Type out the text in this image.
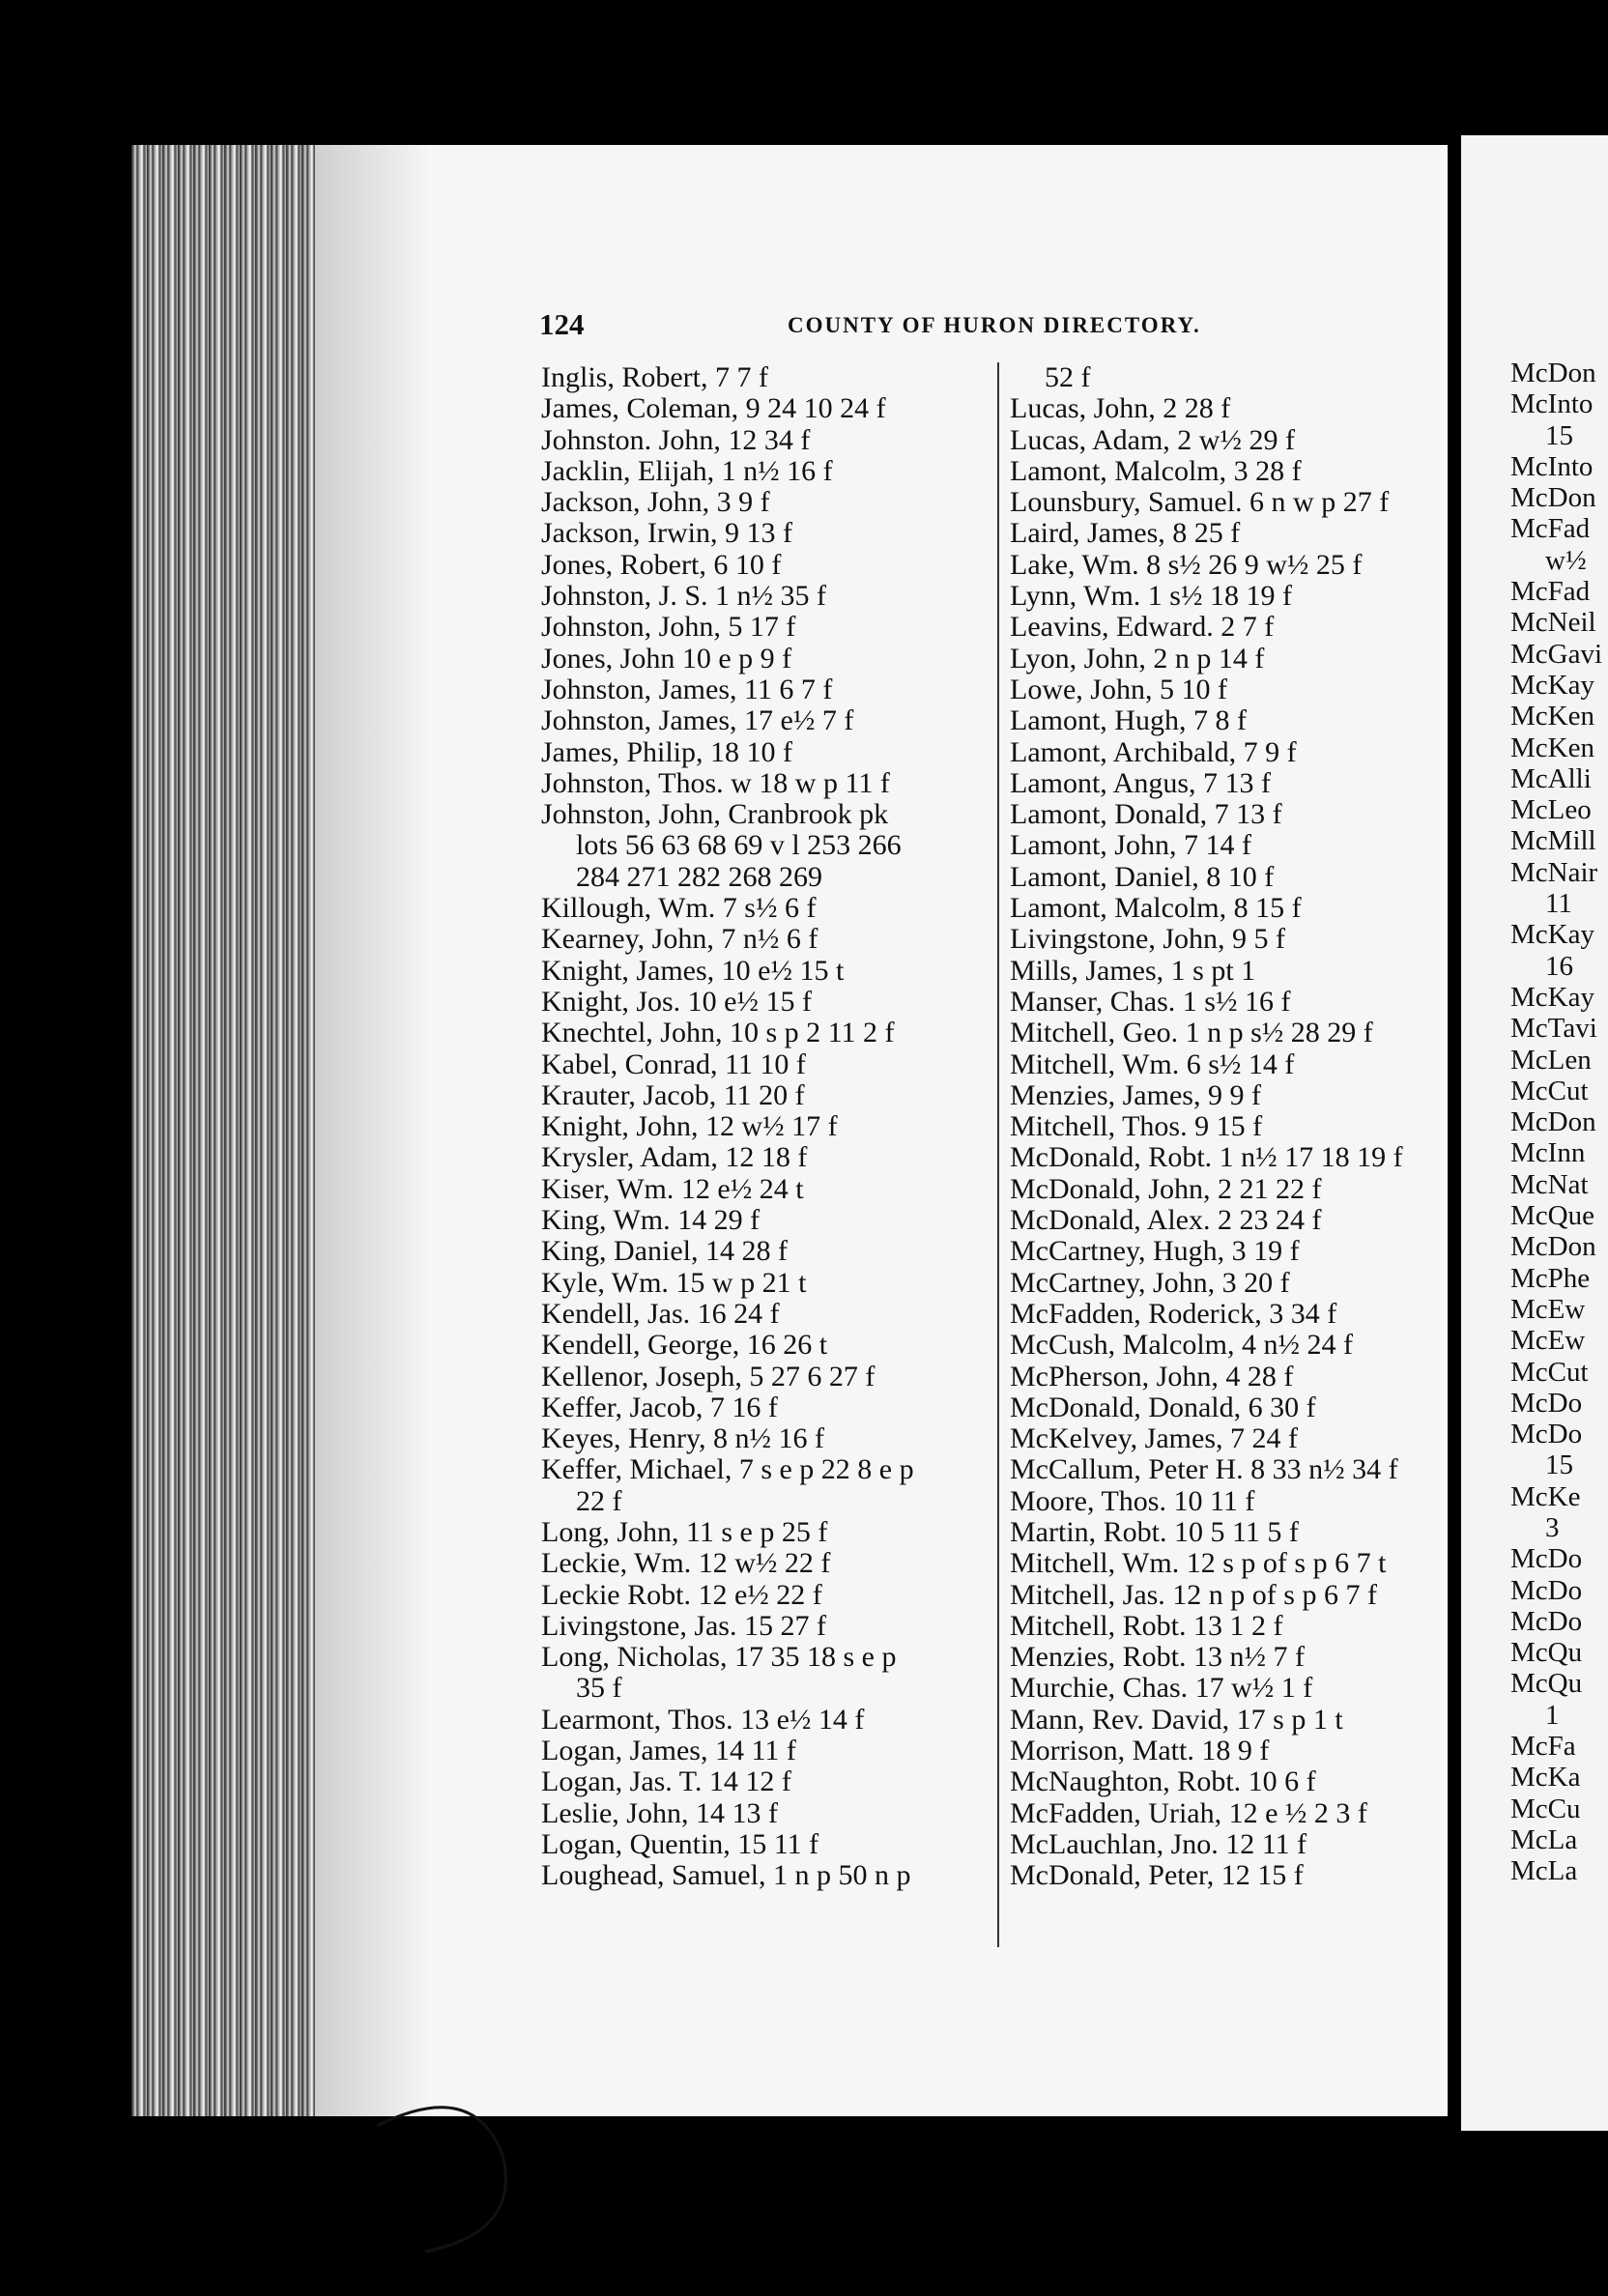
124	COUNTY OF HURON DIRECTORY.
Inglis, Robert, 7 7 f
James, Coleman, 9 24 10 24 f
Johnston. John, 12 34 f
Jacklin, Elijah, 1 n½ 16 f
Jackson, John, 3 9 f
Jackson, Irwin, 9 13 f
Jones, Robert, 6 10 f
Johnston, J. S. 1 n½ 35 f
Johnston, John, 5 17 f
Jones, John 10 e p 9 f
Johnston, James, 11 6 7 f
Johnston, James, 17 e½ 7 f
James, Philip, 18 10 f
Johnston, Thos. w 18 w p 11 f
Johnston, John, Cranbrook pk
lots 56 63 68 69 v l 253 266
284 271 282 268 269
Killough, Wm. 7 s½ 6 f
Kearney, John, 7 n½ 6 f
Knight, James, 10 e½ 15 t
Knight, Jos. 10 e½ 15 f
Knechtel, John, 10 s p 2 11 2 f
Kabel, Conrad, 11 10 f
Krauter, Jacob, 11 20 f
Knight, John, 12 w½ 17 f
Krysler, Adam, 12 18 f
Kiser, Wm. 12 e½ 24 t
King, Wm. 14 29 f
King, Daniel, 14 28 f
Kyle, Wm. 15 w p 21 t
Kendell, Jas. 16 24 f
Kendell, George, 16 26 t
Kellenor, Joseph, 5 27 6 27 f
Keffer, Jacob, 7 16 f
Keyes, Henry, 8 n½ 16 f
Keffer, Michael, 7 s e p 22 8 e p
22 f
Long, John, 11 s e p 25 f
Leckie, Wm. 12 w½ 22 f
Leckie Robt. 12 e½ 22 f
Livingstone, Jas. 15 27 f
Long, Nicholas, 17 35 18 s e p
35 f
Learmont, Thos. 13 e½ 14 f
Logan, James, 14 11 f
Logan, Jas. T. 14 12 f
Leslie, John, 14 13 f
Logan, Quentin, 15 11 f
Loughead, Samuel, 1 n p 50 n p
52 f
Lucas, John, 2 28 f
Lucas, Adam, 2 w½ 29 f
Lamont, Malcolm, 3 28 f
Lounsbury, Samuel. 6 n w p 27 f
Laird, James, 8 25 f
Lake, Wm. 8 s½ 26 9 w½ 25 f
Lynn, Wm. 1 s½ 18 19 f
Leavins, Edward. 2 7 f
Lyon, John, 2 n p 14 f
Lowe, John, 5 10 f
Lamont, Hugh, 7 8 f
Lamont, Archibald, 7 9 f
Lamont, Angus, 7 13 f
Lamont, Donald, 7 13 f
Lamont, John, 7 14 f
Lamont, Daniel, 8 10 f
Lamont, Malcolm, 8 15 f
Livingstone, John, 9 5 f
Mills, James, 1 s pt 1
Manser, Chas. 1 s½ 16 f
Mitchell, Geo. 1 n p s½ 28 29 f
Mitchell, Wm. 6 s½ 14 f
Menzies, James, 9 9 f
Mitchell, Thos. 9 15 f
McDonald, Robt. 1 n½ 17 18 19 f
McDonald, John, 2 21 22 f
McDonald, Alex. 2 23 24 f
McCartney, Hugh, 3 19 f
McCartney, John, 3 20 f
McFadden, Roderick, 3 34 f
McCush, Malcolm, 4 n½ 24 f
McPherson, John, 4 28 f
McDonald, Donald, 6 30 f
McKelvey, James, 7 24 f
McCallum, Peter H. 8 33 n½ 34 f
Moore, Thos. 10 11 f
Martin, Robt. 10 5 11 5 f
Mitchell, Wm. 12 s p of s p 6 7 t
Mitchell, Jas. 12 n p of s p 6 7 f
Mitchell, Robt. 13 1 2 f
Menzies, Robt. 13 n½ 7 f
Murchie, Chas. 17 w½ 1 f
Mann, Rev. David, 17 s p 1 t
Morrison, Matt. 18 9 f
McNaughton, Robt. 10 6 f
McFadden, Uriah, 12 e ½ 2 3 f
McLauchlan, Jno. 12 11 f
McDonald, Peter, 12 15 f
McDon
McInto
15
McInto
McDon
McFad
w½
McFad
McNeil
McGavi
McKay
McKen
McKen
McAlli
McLeo
McMill
McNair
11
McKay
16
McKay
McTavi
McLen
McCut
McDon
McInn
McNat
McQue
McDon
McPhe
McEw
McEw
McCut
McDo
McDo
15
McKe
3
McDo
McDo
McDo
McQu
McQu
1
McFa
McKa
McCu
McLa
McLa
